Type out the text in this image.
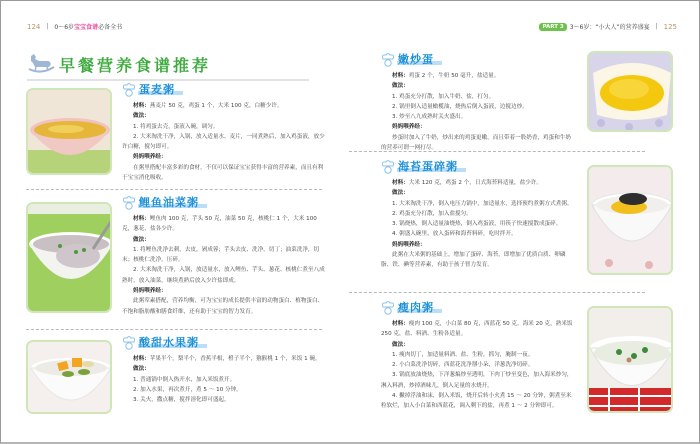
124 | 0～6岁 宝宝食谱 必备全书
早餐营养食谱推荐
蛋麦粥

材料：燕麦片 50 克，鸡蛋 1 个，大米 100 克，白糖少许。

做法：

1. 将鸡蛋去壳，蛋液入碗，调匀。

2. 大米淘洗干净，入锅，放入适量水、麦片，一同煮熟后，加入鸡蛋液，放少许白糖，搅匀即可。

妈妈喂养经：

在粥里搭配丰富多彩的食材，不仅可以保证宝宝获得丰富的营养素，而且有利于宝宝消化吸收。

鲤鱼油菜粥

材料：鲤鱼肉 100 克，芋头 50 克，油菜 50 克，核桃仁 1 个，大米 100 克，葱花、盐各少许。

做法：

1. 将鲤鱼洗净去刺，去皮，剁成蓉；芋头去皮、洗净，切丁；油菜洗净，切末；核桃仁洗净，压碎。

2. 大米淘洗干净，入锅，放适量水，放入鲤鱼、芋头、葱花、核桃仁煮至八成熟时，放入油菜，继续煮熟后放入少许盐即成。

妈妈喂养经：

此粥荤素搭配，营养均衡，可为宝宝的成长提供丰富的动物蛋白、植物蛋白、不饱和脂肪酸和膳食纤维，还有助于宝宝的智力发育。

酸甜水果粥

材料：苹果半个，梨半个，香蕉半根，橙子半个，猕猴桃 1 个，米饭 1 碗。

做法：

1. 普通锅中倒入热开水，加入米饭煮开。

2. 加入水果，再次煮开，煮 5 ～ 10 分钟。

3. 关火，撒点糖，搅拌溶化即可盛起。

PART 3	3～6岁：“小大人”的营养盛宴 | 125
嫩炒蛋

材料：鸡蛋 2 个，牛奶 50 毫升，盐适量。

做法：

1. 鸡蛋充分打散，加入牛奶、盐，打匀。

2. 锅里倒入适量橄榄油，烧热后倒入蛋液，边搅边炒。

3. 炒至八九成熟时关火盛出。

妈妈喂养经：

炒蛋时加入了牛奶，炒出来的鸡蛋更嫩，而且带着一股奶香，鸡蛋和牛奶的营养可谓一网打尽。

海苔蛋碎粥

材料：大米 120 克，鸡蛋 2 个，日式海苔料适量，盐少许。

做法：

1. 大米淘洗干净，倒入电压力锅中，加适量水，选择预约煮粥方式煮粥。

2. 鸡蛋充分打散，加入盐搅匀。

3. 锅烧热，倒入适量油烧热，倒入鸡蛋液，用筷子快速搅散成蛋碎。

4. 粥盛入碗里，放入蛋碎和海苔料碎，吃时拌开。

妈妈喂养经：

此粥在大米粥的基础上，增加了蛋碎、海苔，即增加了优质白质、卵磷脂、铁、碘等营养素，有助于孩子智力发育。

瘦肉粥

材料：瘦肉 100 克，小白菜 80 克，西蓝花 50 克，海米 20 克，熟米饭 250 克，盐、料酒、生粉各适量。

做法：

1. 瘦肉切丁，加适量料酒、盐、生粉，抓匀，腌制一夜。

2. 小白菜洗净切碎，西蓝花洗净掰小朵，洋葱洗净切碎。

3. 锅底放油烧热，下洋葱煸炒至透明，下肉丁炒至变色，加入海米炒匀，淋入料酒，炒掉酒味儿，倒入足量的水烧开。

4. 撇掉浮油和沫，倒入米饭，烧开后转小火煮 15 ～ 20 分钟，粥煮至米粒软烂，加入小白菜和西蓝花，调入剩下的盐，再煮 1 ～ 2 分钟即可。
